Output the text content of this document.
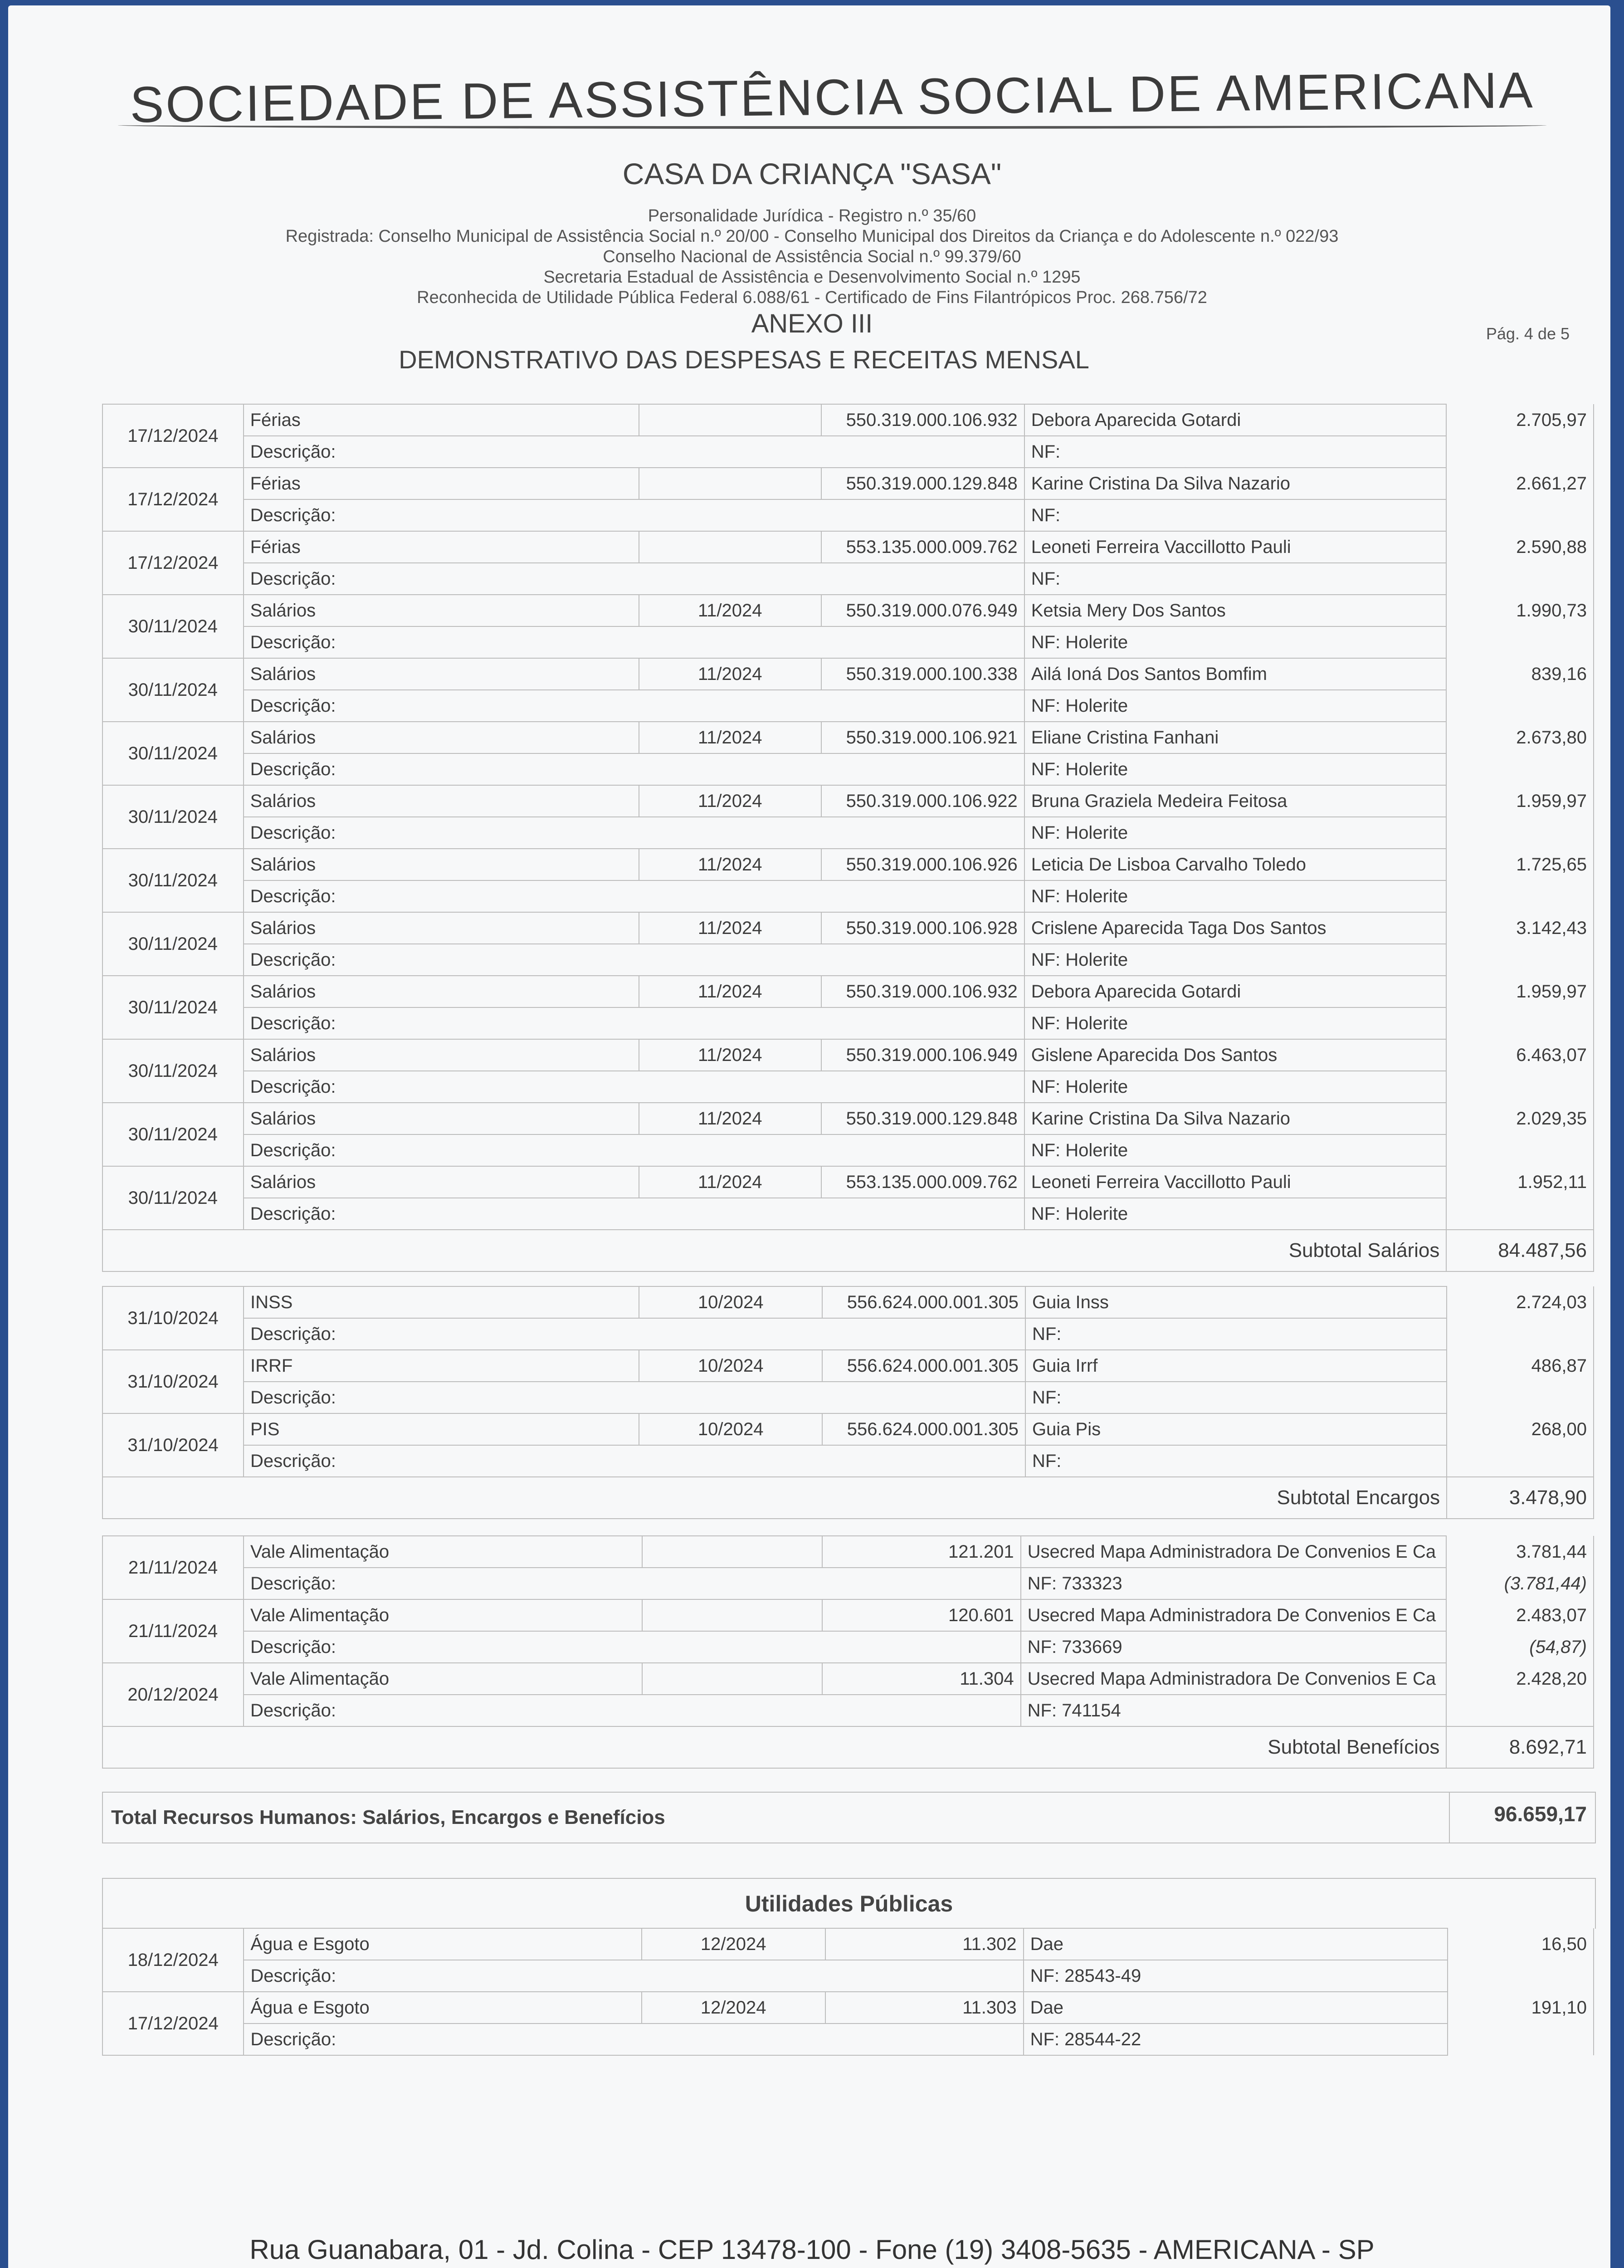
SOCIEDADE DE ASSISTÊNCIA SOCIAL DE AMERICANA
CASA DA CRIANÇA "SASA"
Personalidade Jurídica - Registro n.º 35/60
Registrada: Conselho Municipal de Assistência Social n.º 20/00 - Conselho Municipal dos Direitos da Criança e do Adolescente n.º 022/93
Conselho Nacional de Assistência Social n.º 99.379/60
Secretaria Estadual de Assistência e Desenvolvimento Social n.º 1295
Reconhecida de Utilidade Pública Federal 6.088/61 - Certificado de Fins Filantrópicos Proc. 268.756/72
ANEXO III	Pág. 4 de 5
DEMONSTRATIVO DAS DESPESAS E RECEITAS MENSAL
17/12/2024	Férias		550.319.000.106.932	Debora Aparecida Gotardi	2.705,97
	Descrição:			NF:	
17/12/2024	Férias		550.319.000.129.848	Karine Cristina Da Silva Nazario	2.661,27
	Descrição:			NF:	
17/12/2024	Férias		553.135.000.009.762	Leoneti Ferreira Vaccillotto Pauli	2.590,88
	Descrição:			NF:	
30/11/2024	Salários	11/2024	550.319.000.076.949	Ketsia Mery Dos Santos	1.990,73
	Descrição:			NF: Holerite	
30/11/2024	Salários	11/2024	550.319.000.100.338	Ailá Ioná Dos Santos Bomfim	839,16
	Descrição:			NF: Holerite	
30/11/2024	Salários	11/2024	550.319.000.106.921	Eliane Cristina Fanhani	2.673,80
	Descrição:			NF: Holerite	
30/11/2024	Salários	11/2024	550.319.000.106.922	Bruna Graziela Medeira Feitosa	1.959,97
	Descrição:			NF: Holerite	
30/11/2024	Salários	11/2024	550.319.000.106.926	Leticia De Lisboa Carvalho Toledo	1.725,65
	Descrição:			NF: Holerite	
30/11/2024	Salários	11/2024	550.319.000.106.928	Crislene Aparecida Taga Dos Santos	3.142,43
	Descrição:			NF: Holerite	
30/11/2024	Salários	11/2024	550.319.000.106.932	Debora Aparecida Gotardi	1.959,97
	Descrição:			NF: Holerite	
30/11/2024	Salários	11/2024	550.319.000.106.949	Gislene Aparecida Dos Santos	6.463,07
	Descrição:			NF: Holerite	
30/11/2024	Salários	11/2024	550.319.000.129.848	Karine Cristina Da Silva Nazario	2.029,35
	Descrição:			NF: Holerite	
30/11/2024	Salários	11/2024	553.135.000.009.762	Leoneti Ferreira Vaccillotto Pauli	1.952,11
	Descrição:			NF: Holerite	
Subtotal Salários					84.487,56
31/10/2024	INSS	10/2024	556.624.000.001.305	Guia Inss	2.724,03
	Descrição:			NF:	
31/10/2024	IRRF	10/2024	556.624.000.001.305	Guia Irrf	486,87
	Descrição:			NF:	
31/10/2024	PIS	10/2024	556.624.000.001.305	Guia Pis	268,00
	Descrição:			NF:	
Subtotal Encargos					3.478,90
21/11/2024	Vale Alimentação		121.201	Usecred Mapa Administradora De Convenios E Ca	3.781,44
	Descrição:			NF: 733323	(3.781,44)
21/11/2024	Vale Alimentação		120.601	Usecred Mapa Administradora De Convenios E Ca	2.483,07
	Descrição:			NF: 733669	(54,87)
20/12/2024	Vale Alimentação		11.304	Usecred Mapa Administradora De Convenios E Ca	2.428,20
	Descrição:			NF: 741154	
Subtotal Benefícios					8.692,71
Total Recursos Humanos: Salários, Encargos e Benefícios	96.659,17
Utilidades Públicas
18/12/2024	Água e Esgoto	12/2024	11.302	Dae	16,50
	Descrição:			NF: 28543-49	
17/12/2024	Água e Esgoto	12/2024	11.303	Dae	191,10
	Descrição:			NF: 28544-22	
Rua Guanabara, 01 - Jd. Colina - CEP 13478-100 - Fone (19) 3408-5635 - AMERICANA - SP
